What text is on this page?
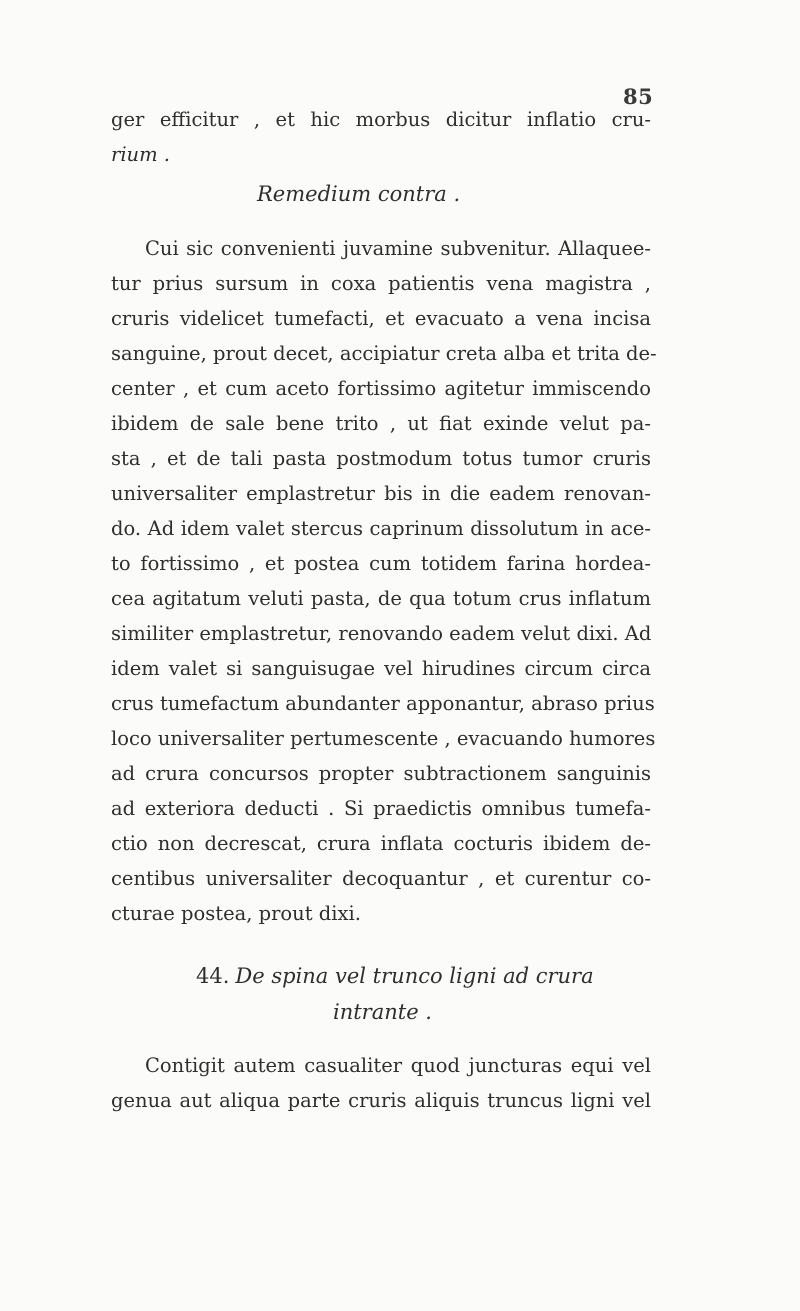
85
ger efficitur , et hic morbus dicitur inflatio cru-
rium .
Remedium contra .
Cui sic convenienti juvamine subvenitur. Allaquee-
tur prius sursum in coxa patientis vena magistra ,
cruris videlicet tumefacti, et evacuato a vena incisa
sanguine, prout decet, accipiatur creta alba et trita de-
center , et cum aceto fortissimo agitetur immiscendo
ibidem de sale bene trito , ut fiat exinde velut pa-
sta , et de tali pasta postmodum totus tumor cruris
universaliter emplastretur bis in die eadem renovan-
do. Ad idem valet stercus caprinum dissolutum in ace-
to fortissimo , et postea cum totidem farina hordea-
cea agitatum veluti pasta, de qua totum crus inflatum
similiter emplastretur, renovando eadem velut dixi. Ad
idem valet si sanguisugae vel hirudines circum circa
crus tumefactum abundanter apponantur, abraso prius
loco universaliter pertumescente , evacuando humores
ad crura concursos propter subtractionem sanguinis
ad exteriora deducti . Si praedictis omnibus tumefa-
ctio non decrescat, crura inflata cocturis ibidem de-
centibus universaliter decoquantur , et curentur co-
cturae postea, prout dixi.
44. De spina vel trunco ligni ad crura
intrante .
Contigit autem casualiter quod juncturas equi vel
genua aut aliqua parte cruris aliquis truncus ligni vel
